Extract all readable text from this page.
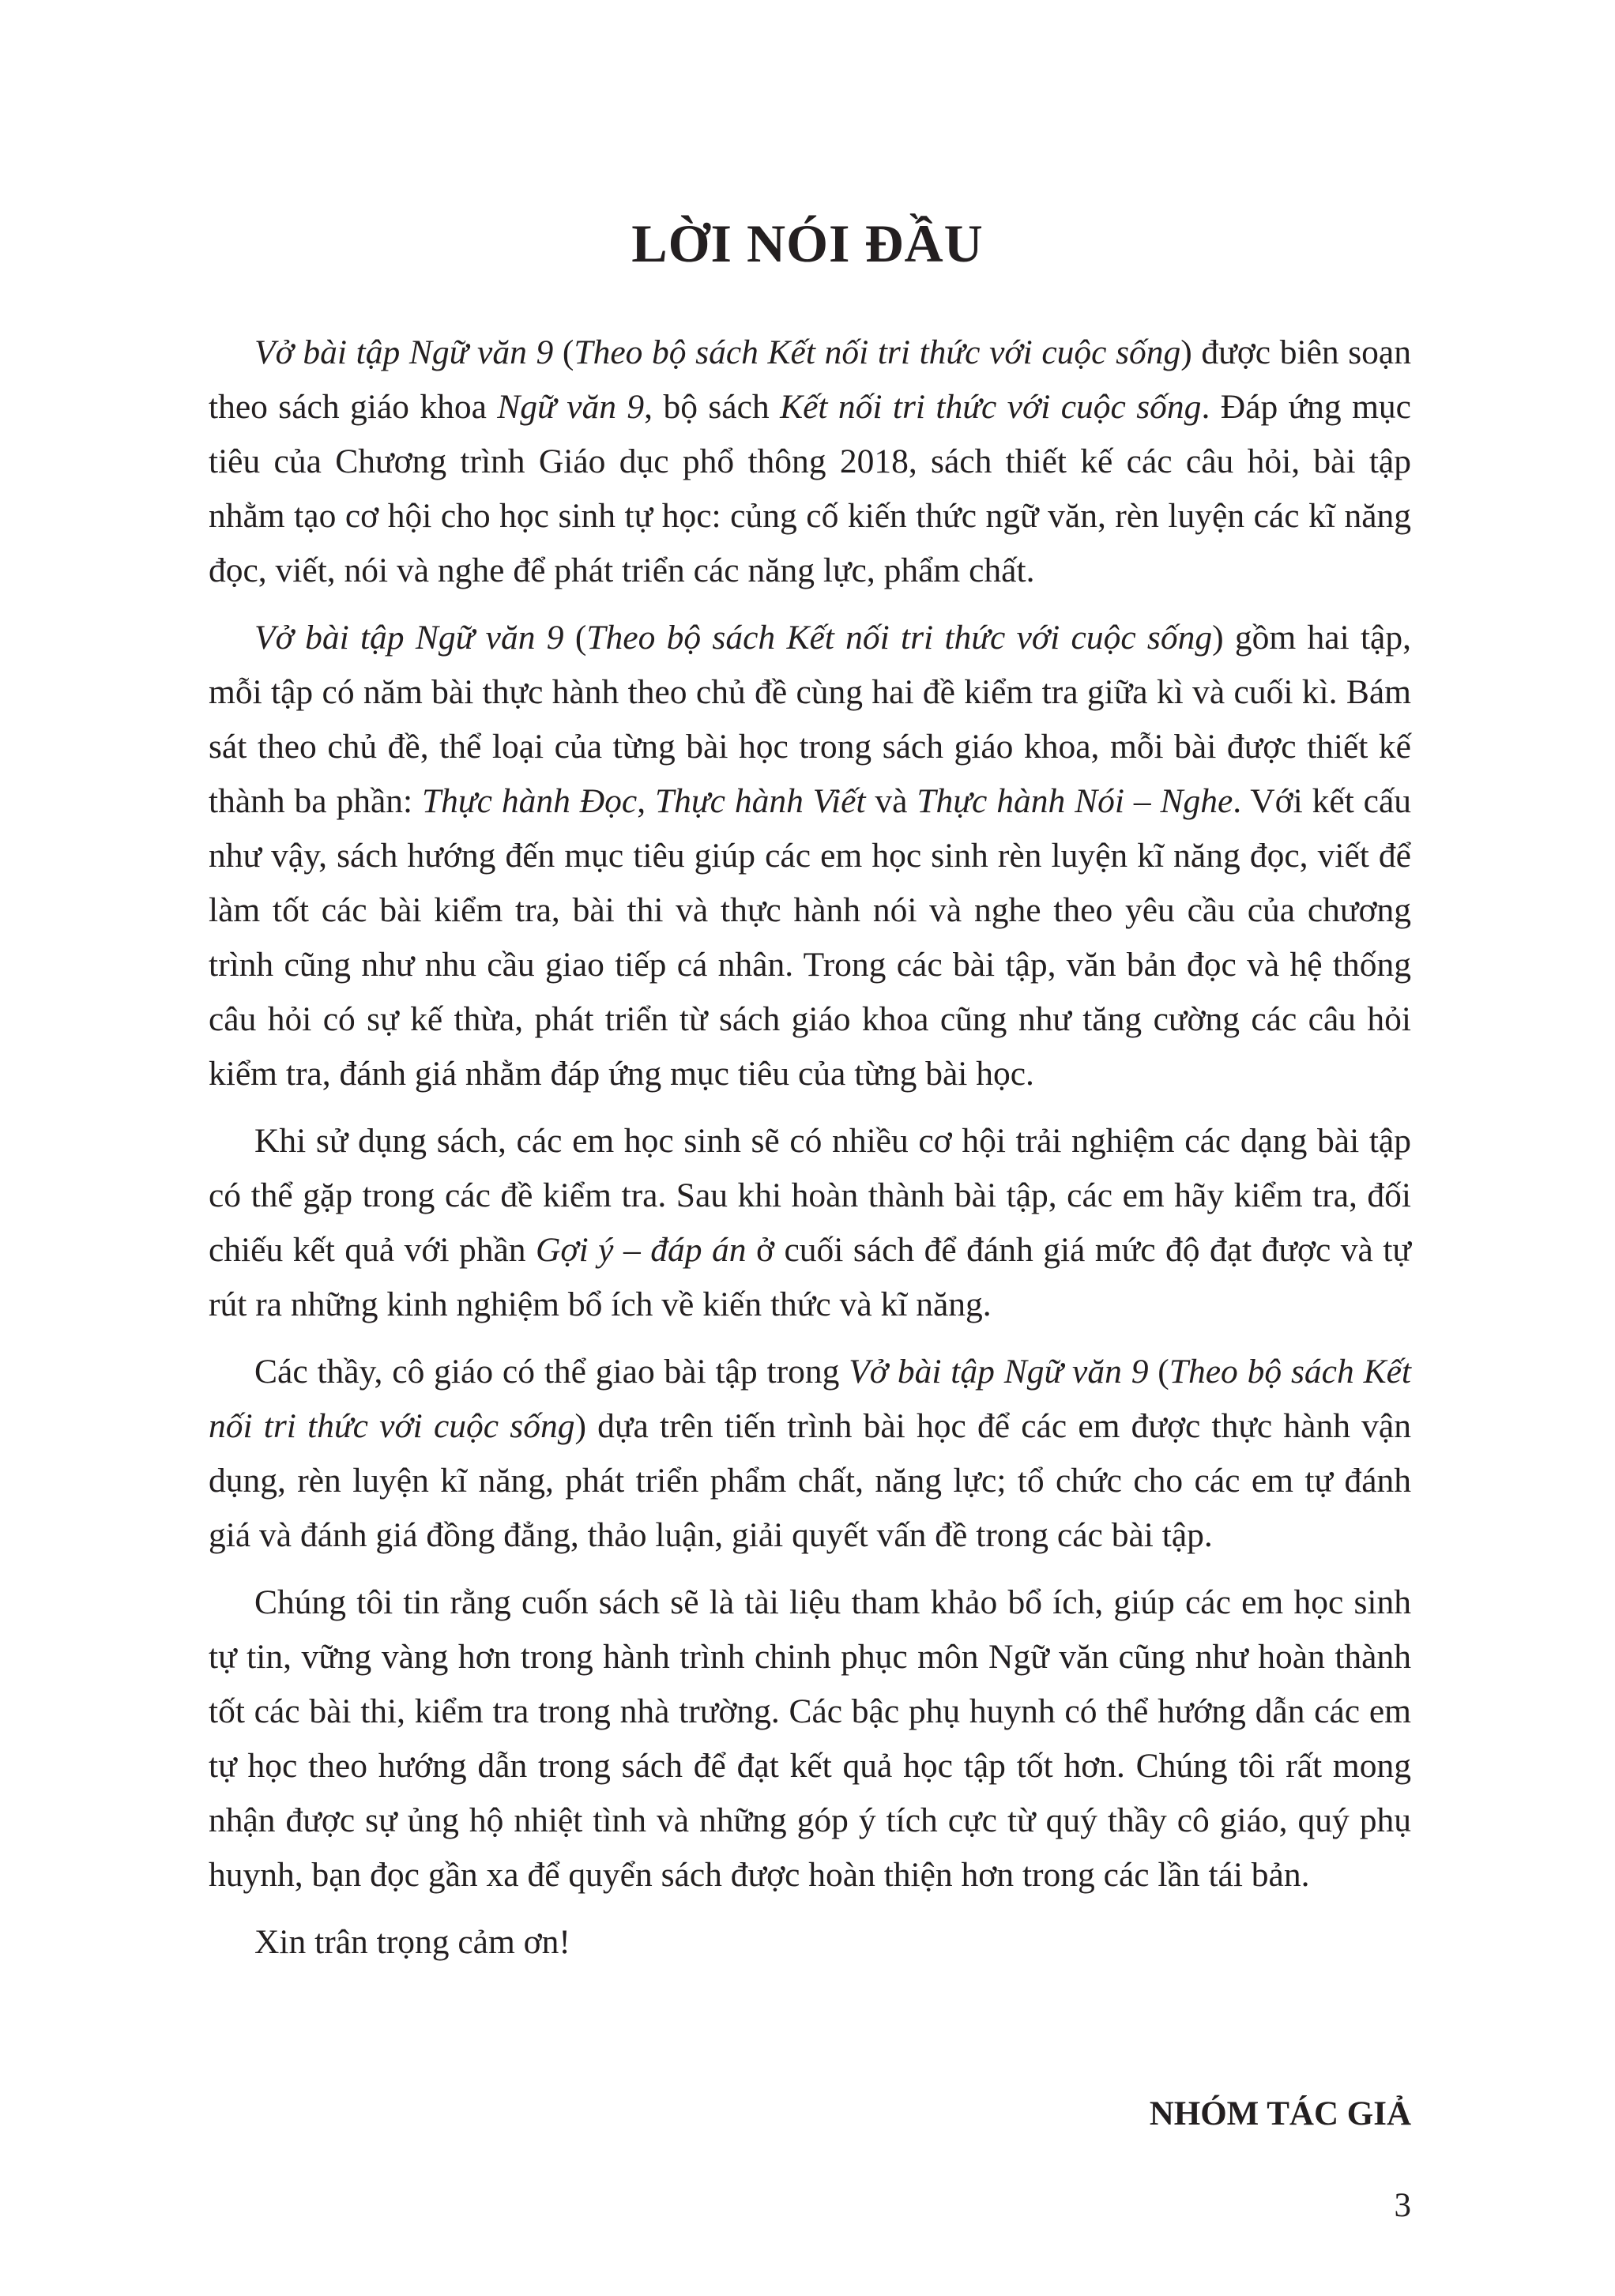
LỜI NÓI ĐẦU

Vở bài tập Ngữ văn 9 (Theo bộ sách Kết nối tri thức với cuộc sống) được biên soạn theo sách giáo khoa Ngữ văn 9, bộ sách Kết nối tri thức với cuộc sống. Đáp ứng mục tiêu của Chương trình Giáo dục phổ thông 2018, sách thiết kế các câu hỏi, bài tập nhằm tạo cơ hội cho học sinh tự học: củng cố kiến thức ngữ văn, rèn luyện các kĩ năng đọc, viết, nói và nghe để phát triển các năng lực, phẩm chất.

Vở bài tập Ngữ văn 9 (Theo bộ sách Kết nối tri thức với cuộc sống) gồm hai tập, mỗi tập có năm bài thực hành theo chủ đề cùng hai đề kiểm tra giữa kì và cuối kì. Bám sát theo chủ đề, thể loại của từng bài học trong sách giáo khoa, mỗi bài được thiết kế thành ba phần: Thực hành Đọc, Thực hành Viết và Thực hành Nói – Nghe. Với kết cấu như vậy, sách hướng đến mục tiêu giúp các em học sinh rèn luyện kĩ năng đọc, viết để làm tốt các bài kiểm tra, bài thi và thực hành nói và nghe theo yêu cầu của chương trình cũng như nhu cầu giao tiếp cá nhân. Trong các bài tập, văn bản đọc và hệ thống câu hỏi có sự kế thừa, phát triển từ sách giáo khoa cũng như tăng cường các câu hỏi kiểm tra, đánh giá nhằm đáp ứng mục tiêu của từng bài học.

Khi sử dụng sách, các em học sinh sẽ có nhiều cơ hội trải nghiệm các dạng bài tập có thể gặp trong các đề kiểm tra. Sau khi hoàn thành bài tập, các em hãy kiểm tra, đối chiếu kết quả với phần Gợi ý – đáp án ở cuối sách để đánh giá mức độ đạt được và tự rút ra những kinh nghiệm bổ ích về kiến thức và kĩ năng.

Các thầy, cô giáo có thể giao bài tập trong Vở bài tập Ngữ văn 9 (Theo bộ sách Kết nối tri thức với cuộc sống) dựa trên tiến trình bài học để các em được thực hành vận dụng, rèn luyện kĩ năng, phát triển phẩm chất, năng lực; tổ chức cho các em tự đánh giá và đánh giá đồng đẳng, thảo luận, giải quyết vấn đề trong các bài tập.

Chúng tôi tin rằng cuốn sách sẽ là tài liệu tham khảo bổ ích, giúp các em học sinh tự tin, vững vàng hơn trong hành trình chinh phục môn Ngữ văn cũng như hoàn thành tốt các bài thi, kiểm tra trong nhà trường. Các bậc phụ huynh có thể hướng dẫn các em tự học theo hướng dẫn trong sách để đạt kết quả học tập tốt hơn. Chúng tôi rất mong nhận được sự ủng hộ nhiệt tình và những góp ý tích cực từ quý thầy cô giáo, quý phụ huynh, bạn đọc gần xa để quyển sách được hoàn thiện hơn trong các lần tái bản.

Xin trân trọng cảm ơn!

NHÓM TÁC GIẢ
3
